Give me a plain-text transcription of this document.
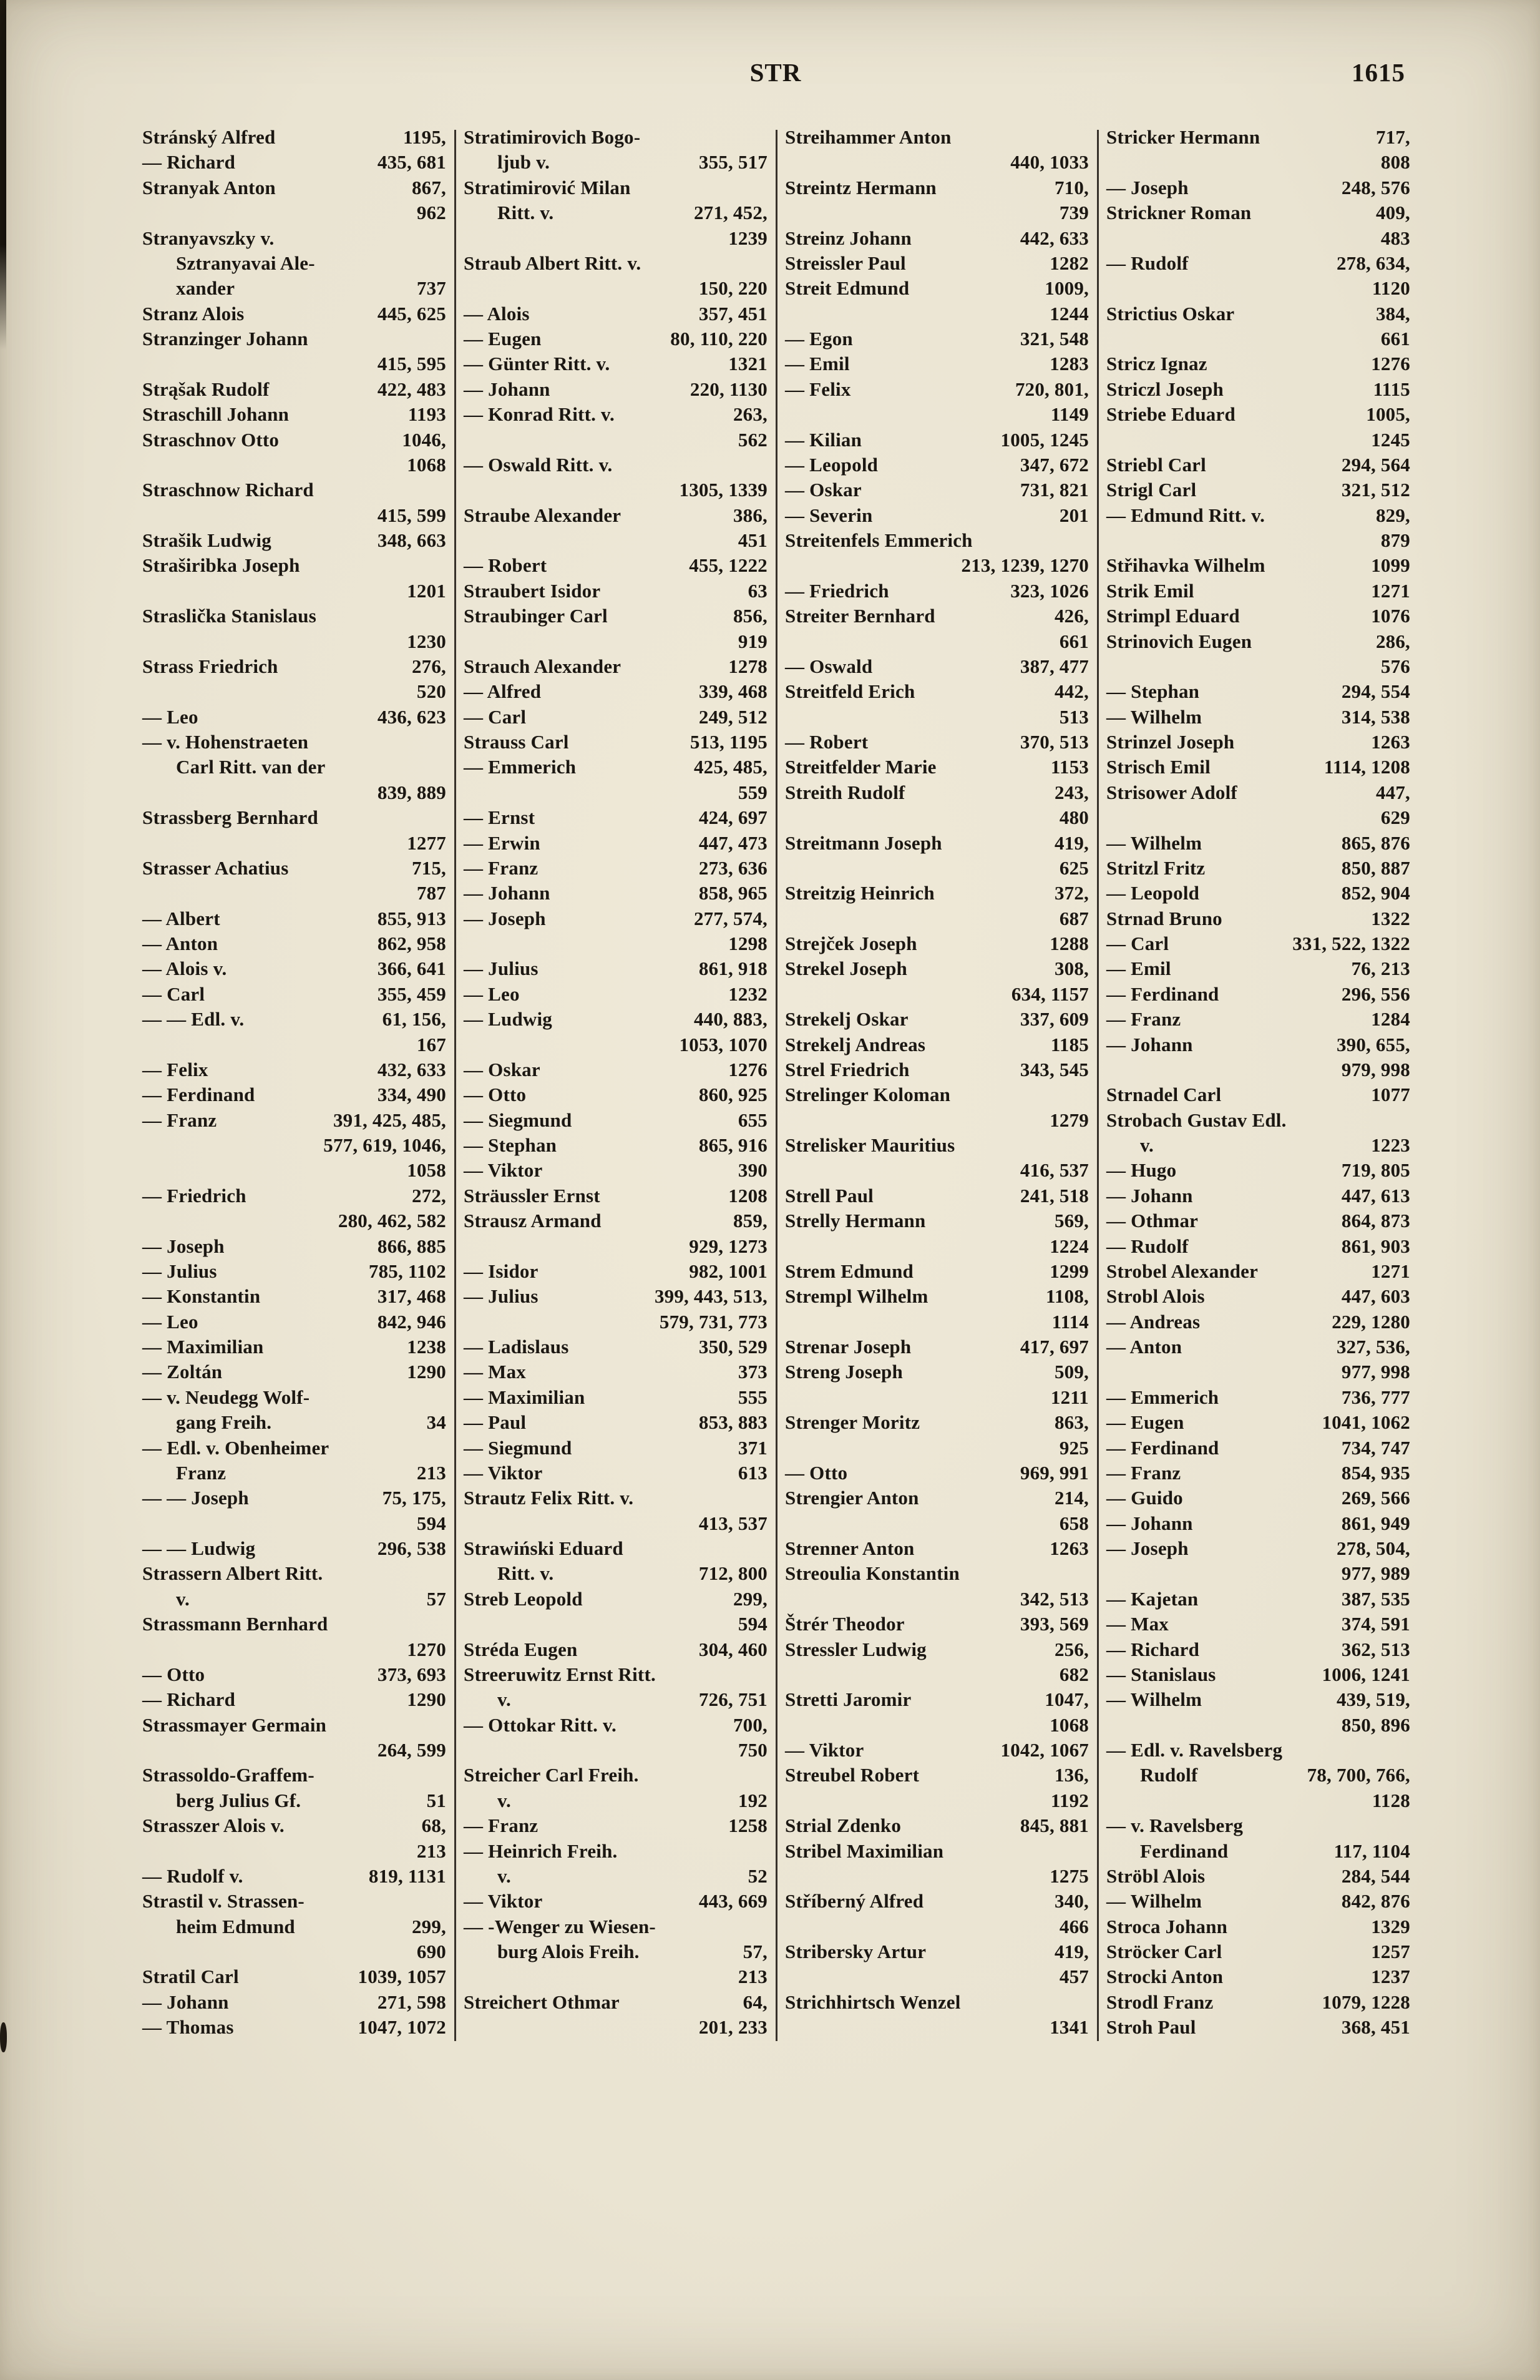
STR	1615
Stránský Alfred	1195,
— Richard	435, 681
Stranyak Anton	867,
962
Stranyavszky v.
Sztranyavai Ale-
xander	737
Stranz Alois	445, 625
Stranzinger Johann
415, 595
Strąšak Rudolf	422, 483
Straschill Johann	1193
Straschnov Otto	1046,
1068
Straschnow Richard
415, 599
Strašik Ludwig	348, 663
Straširibka Joseph
1201
Straslička Stanislaus
1230
Strass Friedrich	276,
520
— Leo	436, 623
— v. Hohenstraeten
Carl Ritt. van der
839, 889
Strassberg Bernhard
1277
Strasser Achatius	715,
787
— Albert	855, 913
— Anton	862, 958
— Alois v.	366, 641
— Carl	355, 459
— — Edl. v.	61, 156,
167
— Felix	432, 633
— Ferdinand	334, 490
— Franz	391, 425, 485,
577, 619, 1046,
1058
— Friedrich	272,
280, 462, 582
— Joseph	866, 885
— Julius	785, 1102
— Konstantin	317, 468
— Leo	842, 946
— Maximilian	1238
— Zoltán	1290
— v. Neudegg Wolf-
gang Freih.	34
— Edl. v. Obenheimer
Franz	213
— — Joseph	75, 175,
594
— — Ludwig	296, 538
Strassern Albert Ritt.
v.	57
Strassmann Bernhard
1270
— Otto	373, 693
— Richard	1290
Strassmayer Germain
264, 599
Strassoldo-Graffem-
berg Julius Gf.	51
Strasszer Alois v.	68,
213
— Rudolf v.	819, 1131
Strastil v. Strassen-
heim Edmund	299,
690
Stratil Carl	1039, 1057
— Johann	271, 598
— Thomas	1047, 1072
Stratimirovich Bogo-
ljub v.	355, 517
Stratimirović Milan
Ritt. v.	271, 452,
1239
Straub Albert Ritt. v.
150, 220
— Alois	357, 451
— Eugen	80, 110, 220
— Günter Ritt. v.	1321
— Johann	220, 1130
— Konrad Ritt. v.	263,
562
— Oswald Ritt. v.
1305, 1339
Straube Alexander	386,
451
— Robert	455, 1222
Straubert Isidor	63
Straubinger Carl	856,
919
Strauch Alexander	1278
— Alfred	339, 468
— Carl	249, 512
Strauss Carl	513, 1195
— Emmerich	425, 485,
559
— Ernst	424, 697
— Erwin	447, 473
— Franz	273, 636
— Johann	858, 965
— Joseph	277, 574,
1298
— Julius	861, 918
— Leo	1232
— Ludwig	440, 883,
1053, 1070
— Oskar	1276
— Otto	860, 925
— Siegmund	655
— Stephan	865, 916
— Viktor	390
Sträussler Ernst	1208
Strausz Armand	859,
929, 1273
— Isidor	982, 1001
— Julius	399, 443, 513,
579, 731, 773
— Ladislaus	350, 529
— Max	373
— Maximilian	555
— Paul	853, 883
— Siegmund	371
— Viktor	613
Strautz Felix Ritt. v.
413, 537
Strawiński Eduard
Ritt. v.	712, 800
Streb Leopold	299,
594
Stréda Eugen	304, 460
Streeruwitz Ernst Ritt.
v.	726, 751
— Ottokar Ritt. v.	700,
750
Streicher Carl Freih.
v.	192
— Franz	1258
— Heinrich Freih.
v.	52
— Viktor	443, 669
— -Wenger zu Wiesen-
burg Alois Freih.	57,
213
Streichert Othmar	64,
201, 233
Streihammer Anton
440, 1033
Streintz Hermann	710,
739
Streinz Johann	442, 633
Streissler Paul	1282
Streit Edmund	1009,
1244
— Egon	321, 548
— Emil	1283
— Felix	720, 801,
1149
— Kilian	1005, 1245
— Leopold	347, 672
— Oskar	731, 821
— Severin	201
Streitenfels Emmerich
213, 1239, 1270
— Friedrich	323, 1026
Streiter Bernhard	426,
661
— Oswald	387, 477
Streitfeld Erich	442,
513
— Robert	370, 513
Streitfelder Marie	1153
Streith Rudolf	243,
480
Streitmann Joseph	419,
625
Streitzig Heinrich	372,
687
Strejček Joseph	1288
Strekel Joseph	308,
634, 1157
Strekelj Oskar	337, 609
Strekelj Andreas	1185
Strel Friedrich	343, 545
Strelinger Koloman
1279
Strelisker Mauritius
416, 537
Strell Paul	241, 518
Strelly Hermann	569,
1224
Strem Edmund	1299
Strempl Wilhelm	1108,
1114
Strenar Joseph	417, 697
Streng Joseph	509,
1211
Strenger Moritz	863,
925
— Otto	969, 991
Strengier Anton	214,
658
Strenner Anton	1263
Streoulia Konstantin
342, 513
Štrér Theodor	393, 569
Stressler Ludwig	256,
682
Stretti Jaromir	1047,
1068
— Viktor	1042, 1067
Streubel Robert	136,
1192
Strial Zdenko	845, 881
Stribel Maximilian
1275
Stříberný Alfred	340,
466
Stribersky Artur	419,
457
Strichhirtsch Wenzel
1341
Stricker Hermann	717,
808
— Joseph	248, 576
Strickner Roman	409,
483
— Rudolf	278, 634,
1120
Strictius Oskar	384,
661
Stricz Ignaz	1276
Striczl Joseph	1115
Striebe Eduard	1005,
1245
Striebl Carl	294, 564
Strigl Carl	321, 512
— Edmund Ritt. v.	829,
879
Střihavka Wilhelm	1099
Strik Emil	1271
Strimpl Eduard	1076
Strinovich Eugen	286,
576
— Stephan	294, 554
— Wilhelm	314, 538
Strinzel Joseph	1263
Strisch Emil	1114, 1208
Strisower Adolf	447,
629
— Wilhelm	865, 876
Stritzl Fritz	850, 887
— Leopold	852, 904
Strnad Bruno	1322
— Carl	331, 522, 1322
— Emil	76, 213
— Ferdinand	296, 556
— Franz	1284
— Johann	390, 655,
979, 998
Strnadel Carl	1077
Strobach Gustav Edl.
v.	1223
— Hugo	719, 805
— Johann	447, 613
— Othmar	864, 873
— Rudolf	861, 903
Strobel Alexander	1271
Strobl Alois	447, 603
— Andreas	229, 1280
— Anton	327, 536,
977, 998
— Emmerich	736, 777
— Eugen	1041, 1062
— Ferdinand	734, 747
— Franz	854, 935
— Guido	269, 566
— Johann	861, 949
— Joseph	278, 504,
977, 989
— Kajetan	387, 535
— Max	374, 591
— Richard	362, 513
— Stanislaus	1006, 1241
— Wilhelm	439, 519,
850, 896
— Edl. v. Ravelsberg
Rudolf	78, 700, 766,
1128
— v. Ravelsberg
Ferdinand	117, 1104
Ströbl Alois	284, 544
— Wilhelm	842, 876
Stroca Johann	1329
Ströcker Carl	1257
Strocki Anton	1237
Strodl Franz	1079, 1228
Stroh Paul	368, 451
